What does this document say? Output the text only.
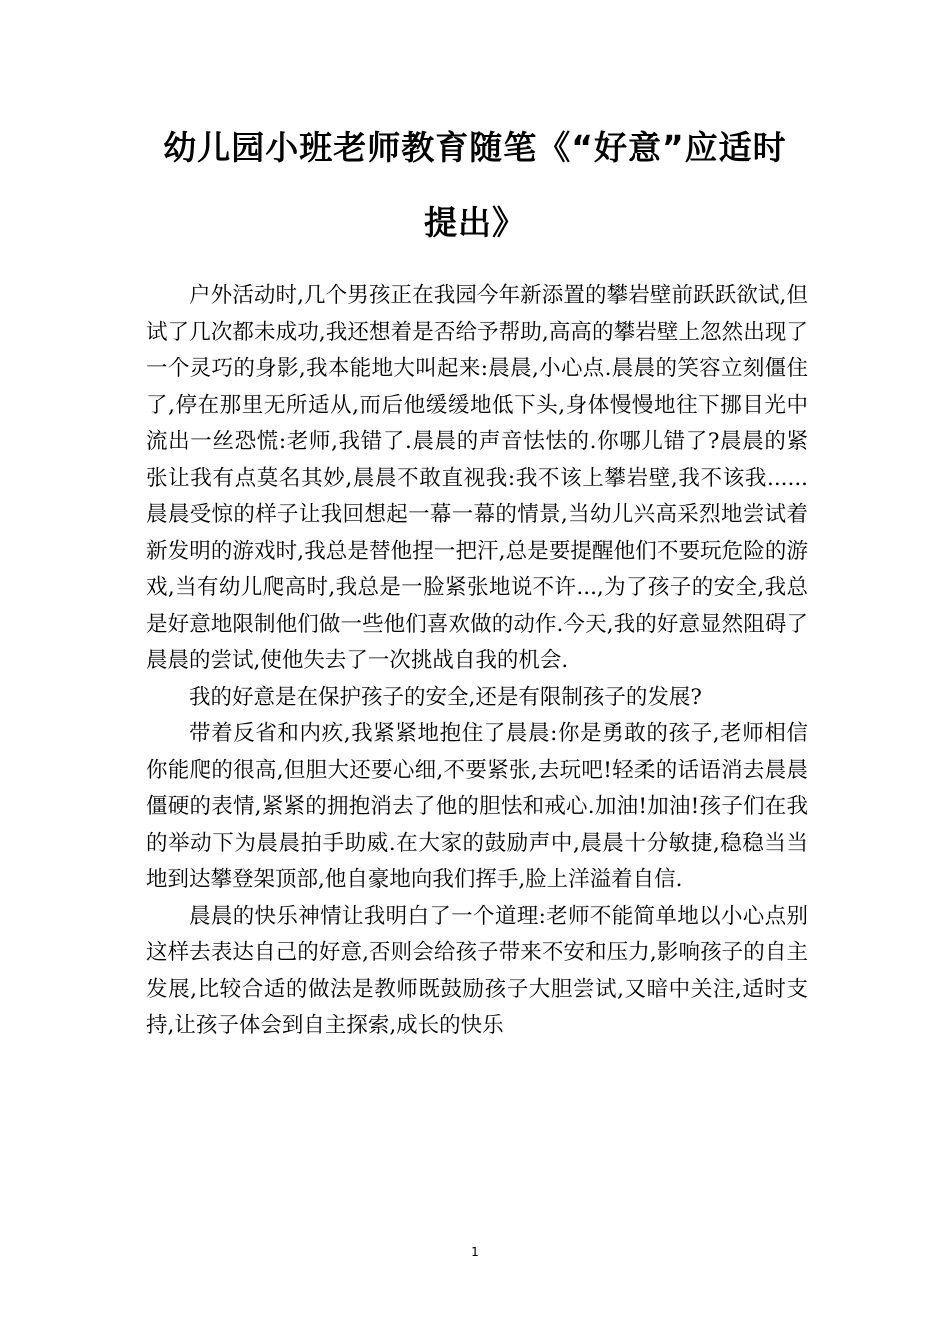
幼儿园小班老师教育随笔《“好意”应适时
提出》

户外活动时,几个男孩正在我园今年新添置的攀岩壁前跃跃欲试,但试了几次都未成功,我还想着是否给予帮助,高高的攀岩壁上忽然出现了一个灵巧的身影,我本能地大叫起来:晨晨,小心点.晨晨的笑容立刻僵住了,停在那里无所适从,而后他缓缓地低下头,身体慢慢地往下挪目光中流出一丝恐慌:老师,我错了.晨晨的声音怯怯的.你哪儿错了?晨晨的紧张让我有点莫名其妙,晨晨不敢直视我:我不该上攀岩壁,我不该我......晨晨受惊的样子让我回想起一幕一幕的情景,当幼儿兴高采烈地尝试着新发明的游戏时,我总是替他捏一把汗,总是要提醒他们不要玩危险的游戏,当有幼儿爬高时,我总是一脸紧张地说不许...,为了孩子的安全,我总是好意地限制他们做一些他们喜欢做的动作.今天,我的好意显然阻碍了晨晨的尝试,使他失去了一次挑战自我的机会.

我的好意是在保护孩子的安全,还是有限制孩子的发展?

带着反省和内疚,我紧紧地抱住了晨晨:你是勇敢的孩子,老师相信你能爬的很高,但胆大还要心细,不要紧张,去玩吧!轻柔的话语消去晨晨僵硬的表情,紧紧的拥抱消去了他的胆怯和戒心.加油!加油!孩子们在我的举动下为晨晨拍手助威.在大家的鼓励声中,晨晨十分敏捷,稳稳当当地到达攀登架顶部,他自豪地向我们挥手,脸上洋溢着自信.

晨晨的快乐神情让我明白了一个道理:老师不能简单地以小心点别这样去表达自己的好意,否则会给孩子带来不安和压力,影响孩子的自主发展,比较合适的做法是教师既鼓励孩子大胆尝试,又暗中关注,适时支持,让孩子体会到自主探索,成长的快乐

1
